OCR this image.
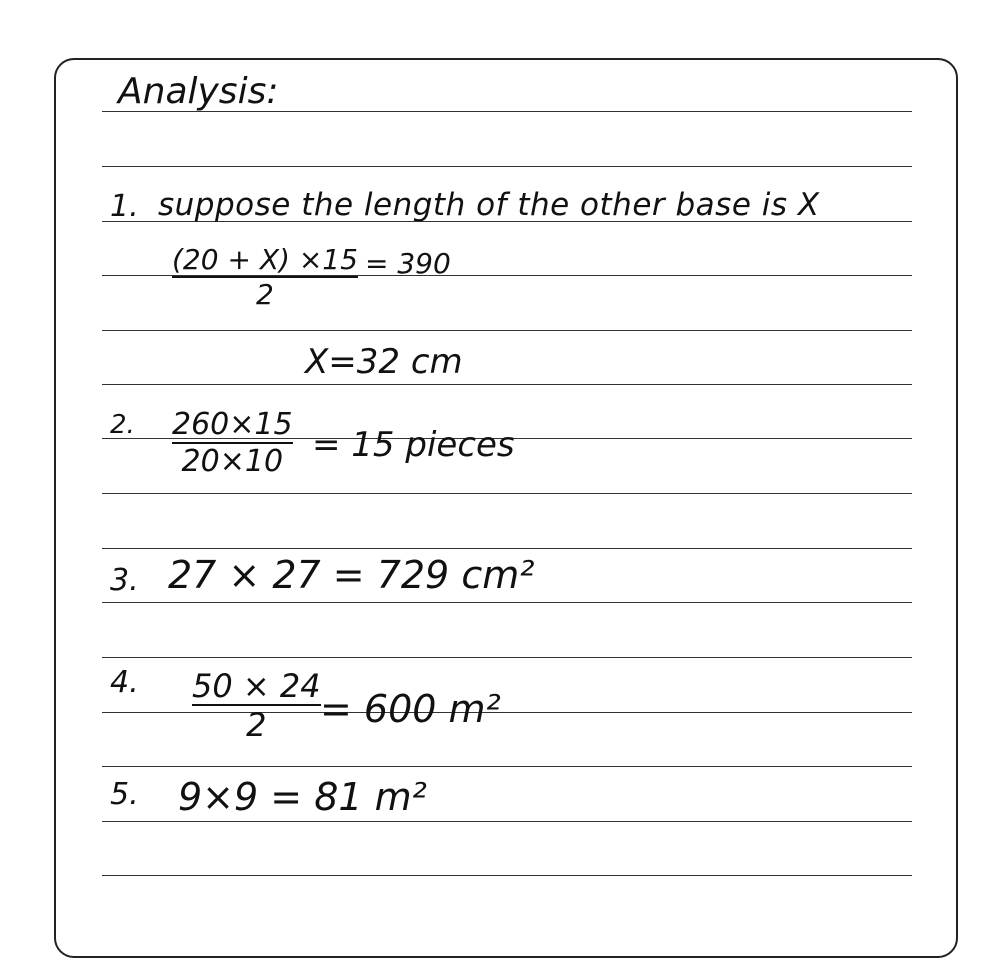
Analysis:
1. suppose the length of the other base is X
(20 + X) ×15
2
= 390
X=32 cm
2. 260×15
20×10 = 15 pieces
3. 27 × 27 = 729 cm²
4. 50 × 24
2 = 600 m²
5. 9×9 = 81 m²
